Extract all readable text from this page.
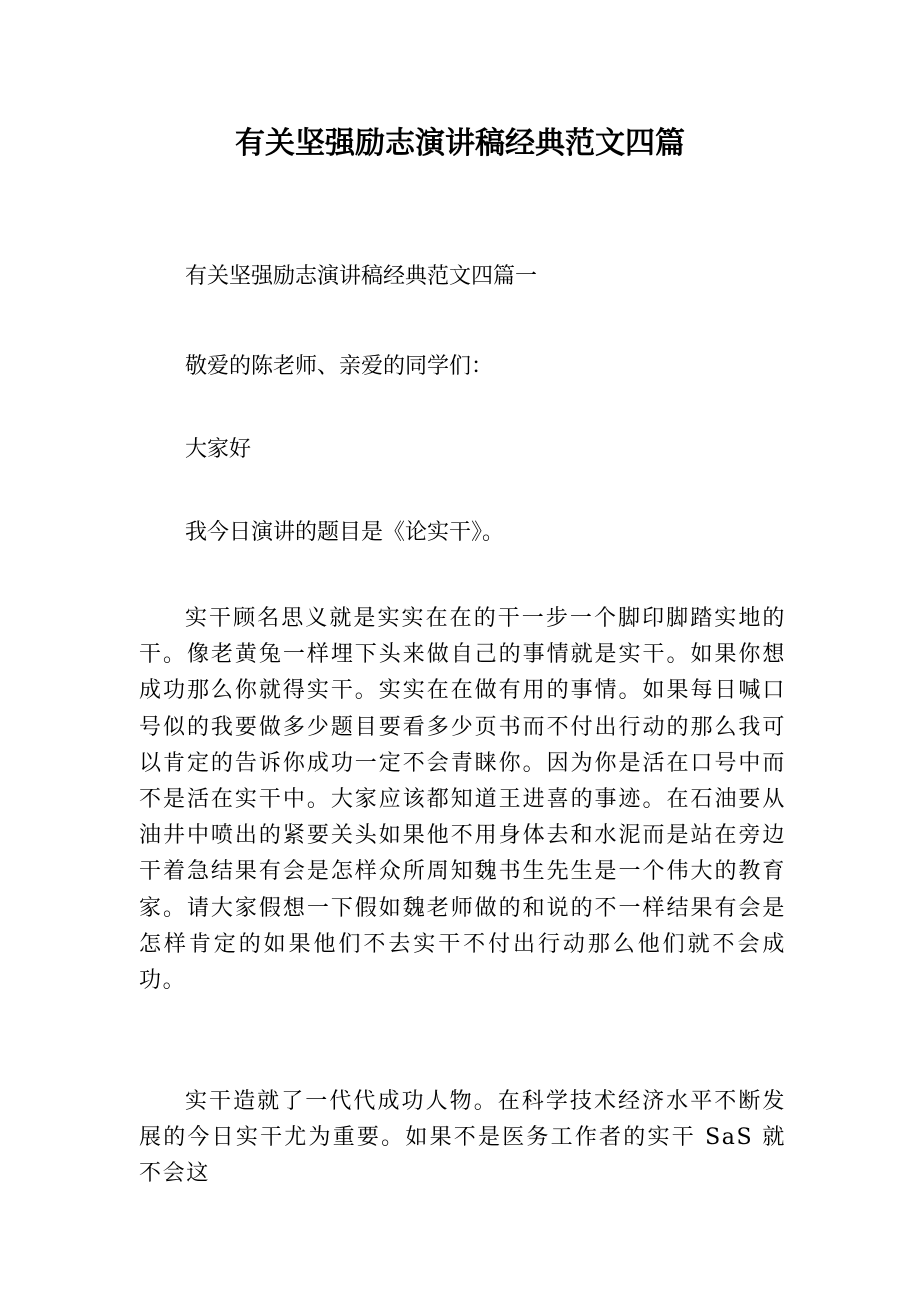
有关坚强励志演讲稿经典范文四篇

有关坚强励志演讲稿经典范文四篇一

敬爱的陈老师、亲爱的同学们：

大家好

我今日演讲的题目是《论实干》。

实干顾名思义就是实实在在的干一步一个脚印脚踏实地的干。像老黄兔一样埋下头来做自己的事情就是实干。如果你想成功那么你就得实干。实实在在做有用的事情。如果每日喊口号似的我要做多少题目要看多少页书而不付出行动的那么我可以肯定的告诉你成功一定不会青睐你。因为你是活在口号中而不是活在实干中。大家应该都知道王进喜的事迹。在石油要从油井中喷出的紧要关头如果他不用身体去和水泥而是站在旁边干着急结果有会是怎样众所周知魏书生先生是一个伟大的教育家。请大家假想一下假如魏老师做的和说的不一样结果有会是怎样肯定的如果他们不去实干不付出行动那么他们就不会成功。

实干造就了一代代成功人物。在科学技术经济水平不断发展的今日实干尤为重要。如果不是医务工作者的实干 SaS 就不会这
